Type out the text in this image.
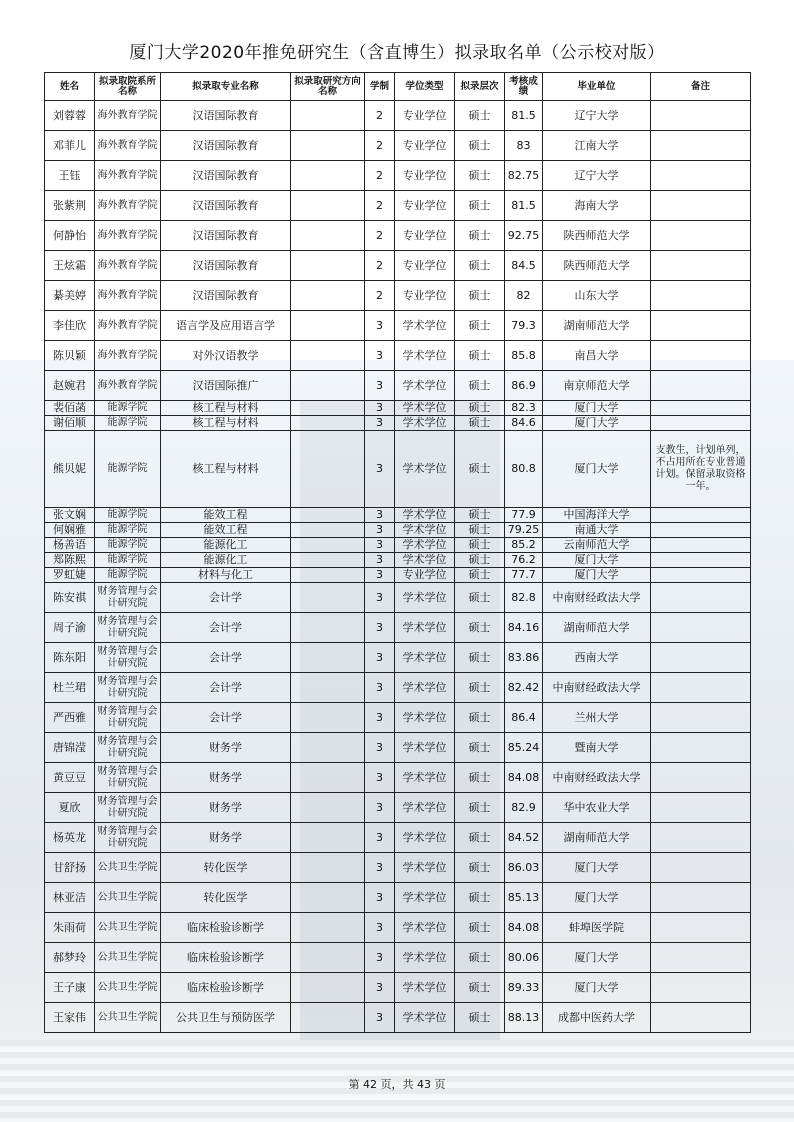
厦门大学2020年推免研究生（含直博生）拟录取名单（公示校对版）
姓名	拟录取院系所名称	拟录取专业名称	拟录取研究方向名称	学制	学位类型	拟录层次	考核成绩	毕业单位	备注
刘蓉蓉	海外教育学院	汉语国际教育		2	专业学位	硕士	81.5	辽宁大学	
邓菲儿	海外教育学院	汉语国际教育		2	专业学位	硕士	83	江南大学	
王钰	海外教育学院	汉语国际教育		2	专业学位	硕士	82.75	辽宁大学	
张紫荆	海外教育学院	汉语国际教育		2	专业学位	硕士	81.5	海南大学	
何静怡	海外教育学院	汉语国际教育		2	专业学位	硕士	92.75	陕西师范大学	
王炫霜	海外教育学院	汉语国际教育		2	专业学位	硕士	84.5	陕西师范大学	
綦美婷	海外教育学院	汉语国际教育		2	专业学位	硕士	82	山东大学	
李佳欣	海外教育学院	语言学及应用语言学		3	学术学位	硕士	79.3	湖南师范大学	
陈贝颖	海外教育学院	对外汉语教学		3	学术学位	硕士	85.8	南昌大学	
赵婉君	海外教育学院	汉语国际推广		3	学术学位	硕士	86.9	南京师范大学	
裴佰菡	能源学院	核工程与材料		3	学术学位	硕士	82.3	厦门大学	
谢佰顺	能源学院	核工程与材料		3	学术学位	硕士	84.6	厦门大学	
熊贝妮	能源学院	核工程与材料		3	学术学位	硕士	80.8	厦门大学	支教生，计划单列，不占用所在专业普通计划。保留录取资格一年。
张文娴	能源学院	能效工程		3	学术学位	硕士	77.9	中国海洋大学	
何娴雅	能源学院	能效工程		3	学术学位	硕士	79.25	南通大学	
杨善语	能源学院	能源化工		3	学术学位	硕士	85.2	云南师范大学	
郑陈熙	能源学院	能源化工		3	学术学位	硕士	76.2	厦门大学	
罗虹婕	能源学院	材料与化工		3	专业学位	硕士	77.7	厦门大学	
陈安祺	财务管理与会计研究院	会计学		3	学术学位	硕士	82.8	中南财经政法大学	
周子渝	财务管理与会计研究院	会计学		3	学术学位	硕士	84.16	湖南师范大学	
陈东阳	财务管理与会计研究院	会计学		3	学术学位	硕士	83.86	西南大学	
杜兰珺	财务管理与会计研究院	会计学		3	学术学位	硕士	82.42	中南财经政法大学	
严西雅	财务管理与会计研究院	会计学		3	学术学位	硕士	86.4	兰州大学	
唐锦滢	财务管理与会计研究院	财务学		3	学术学位	硕士	85.24	暨南大学	
黄豆豆	财务管理与会计研究院	财务学		3	学术学位	硕士	84.08	中南财经政法大学	
夏欣	财务管理与会计研究院	财务学		3	学术学位	硕士	82.9	华中农业大学	
杨英龙	财务管理与会计研究院	财务学		3	学术学位	硕士	84.52	湖南师范大学	
甘舒扬	公共卫生学院	转化医学		3	学术学位	硕士	86.03	厦门大学	
林亚洁	公共卫生学院	转化医学		3	学术学位	硕士	85.13	厦门大学	
朱雨荷	公共卫生学院	临床检验诊断学		3	学术学位	硕士	84.08	蚌埠医学院	
郝梦玲	公共卫生学院	临床检验诊断学		3	学术学位	硕士	80.06	厦门大学	
王子康	公共卫生学院	临床检验诊断学		3	学术学位	硕士	89.33	厦门大学	
王家伟	公共卫生学院	公共卫生与预防医学		3	学术学位	硕士	88.13	成都中医药大学	
第 42 页，共 43 页
